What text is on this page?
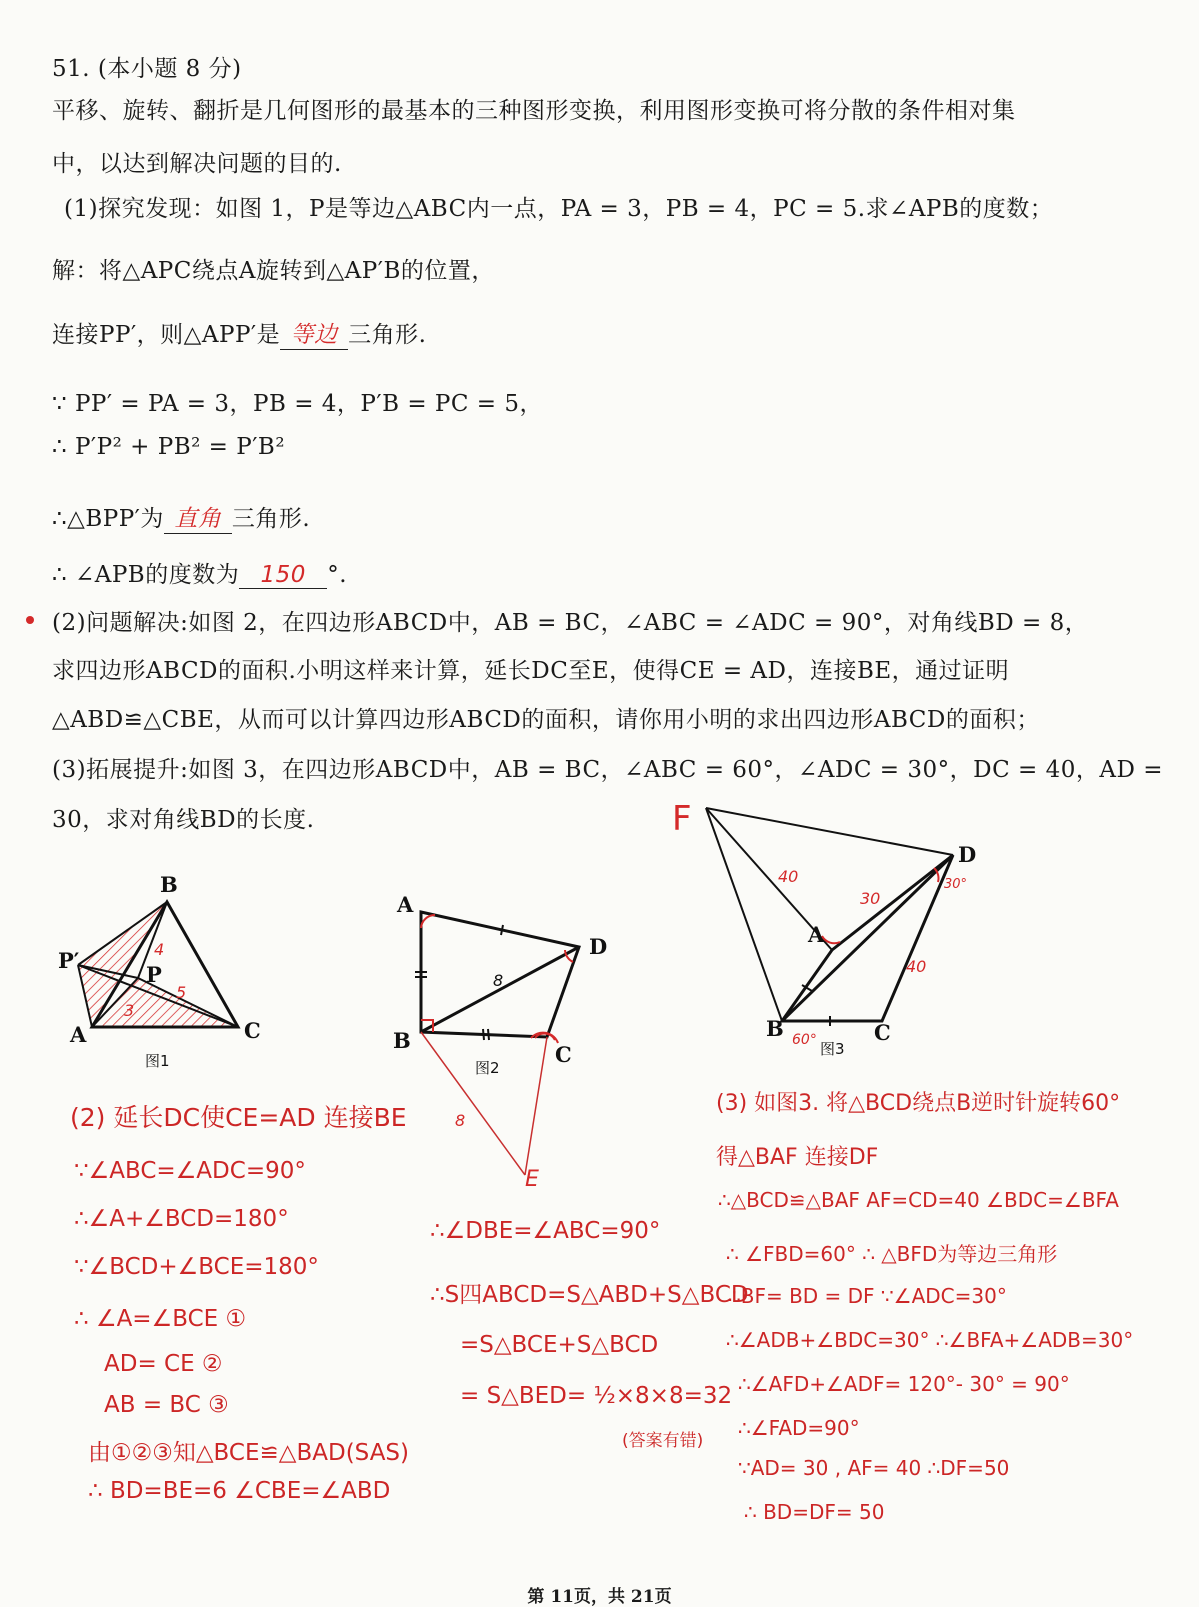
51. (本小题 8 分)
平移、旋转、翻折是几何图形的最基本的三种图形变换，利用图形变换可将分散的条件相对集
中，以达到解决问题的目的.
(1)探究发现：如图 1，P是等边△ABC内一点，PA = 3，PB = 4，PC = 5.求∠APB的度数；
解：将△APC绕点A旋转到△AP′B的位置，
连接PP′，则△APP′是 等边 三角形.
∵ PP′ = PA = 3，PB = 4，P′B = PC = 5，
∴ P′P² + PB² = P′B²
∴△BPP′为 直角 三角形.
∴ ∠APB的度数为 150 °.
(2)问题解决:如图 2，在四边形ABCD中，AB = BC，∠ABC = ∠ADC = 90°，对角线BD = 8，
求四边形ABCD的面积.小明这样来计算，延长DC至E，使得CE = AD，连接BE，通过证明
△ABD≌△CBE，从而可以计算四边形ABCD的面积，请你用小明的求出四边形ABCD的面积；
(3)拓展提升:如图 3，在四边形ABCD中，AB = BC，∠ABC = 60°，∠ADC = 30°，DC = 40，AD =
30，求对角线BD的长度.
B
P′
P
A	C
4
5
3
图1
A
D
B
C
E
8
8
图2
F
D
A
B	C
40
30
30°
40
60° 图3
(2) 延长DC使CE=AD 连接BE
∵∠ABC=∠ADC=90°
∴∠A+∠BCD=180°
∵∠BCD+∠BCE=180°
∴ ∠A=∠BCE ①
AD= CE ②
AB = BC ③
由①②③知△BCE≌△BAD(SAS)
∴ BD=BE=6 ∠CBE=∠ABD
∴∠DBE=∠ABC=90°
∴S四ABCD=S△ABD+S△BCD
=S△BCE+S△BCD
= S△BED= ½×8×8=32
(答案有错)
(3) 如图3. 将△BCD绕点B逆时针旋转60°
得△BAF 连接DF
∴△BCD≌△BAF AF=CD=40 ∠BDC=∠BFA
∴ ∠FBD=60° ∴ △BFD为等边三角形
∴BF= BD = DF ∵∠ADC=30°
∴∠ADB+∠BDC=30° ∴∠BFA+∠ADB=30°
∴∠AFD+∠ADF= 120°- 30° = 90°
∴∠FAD=90°
∵AD= 30 , AF= 40 ∴DF=50
∴ BD=DF= 50
第 11页，共 21页
